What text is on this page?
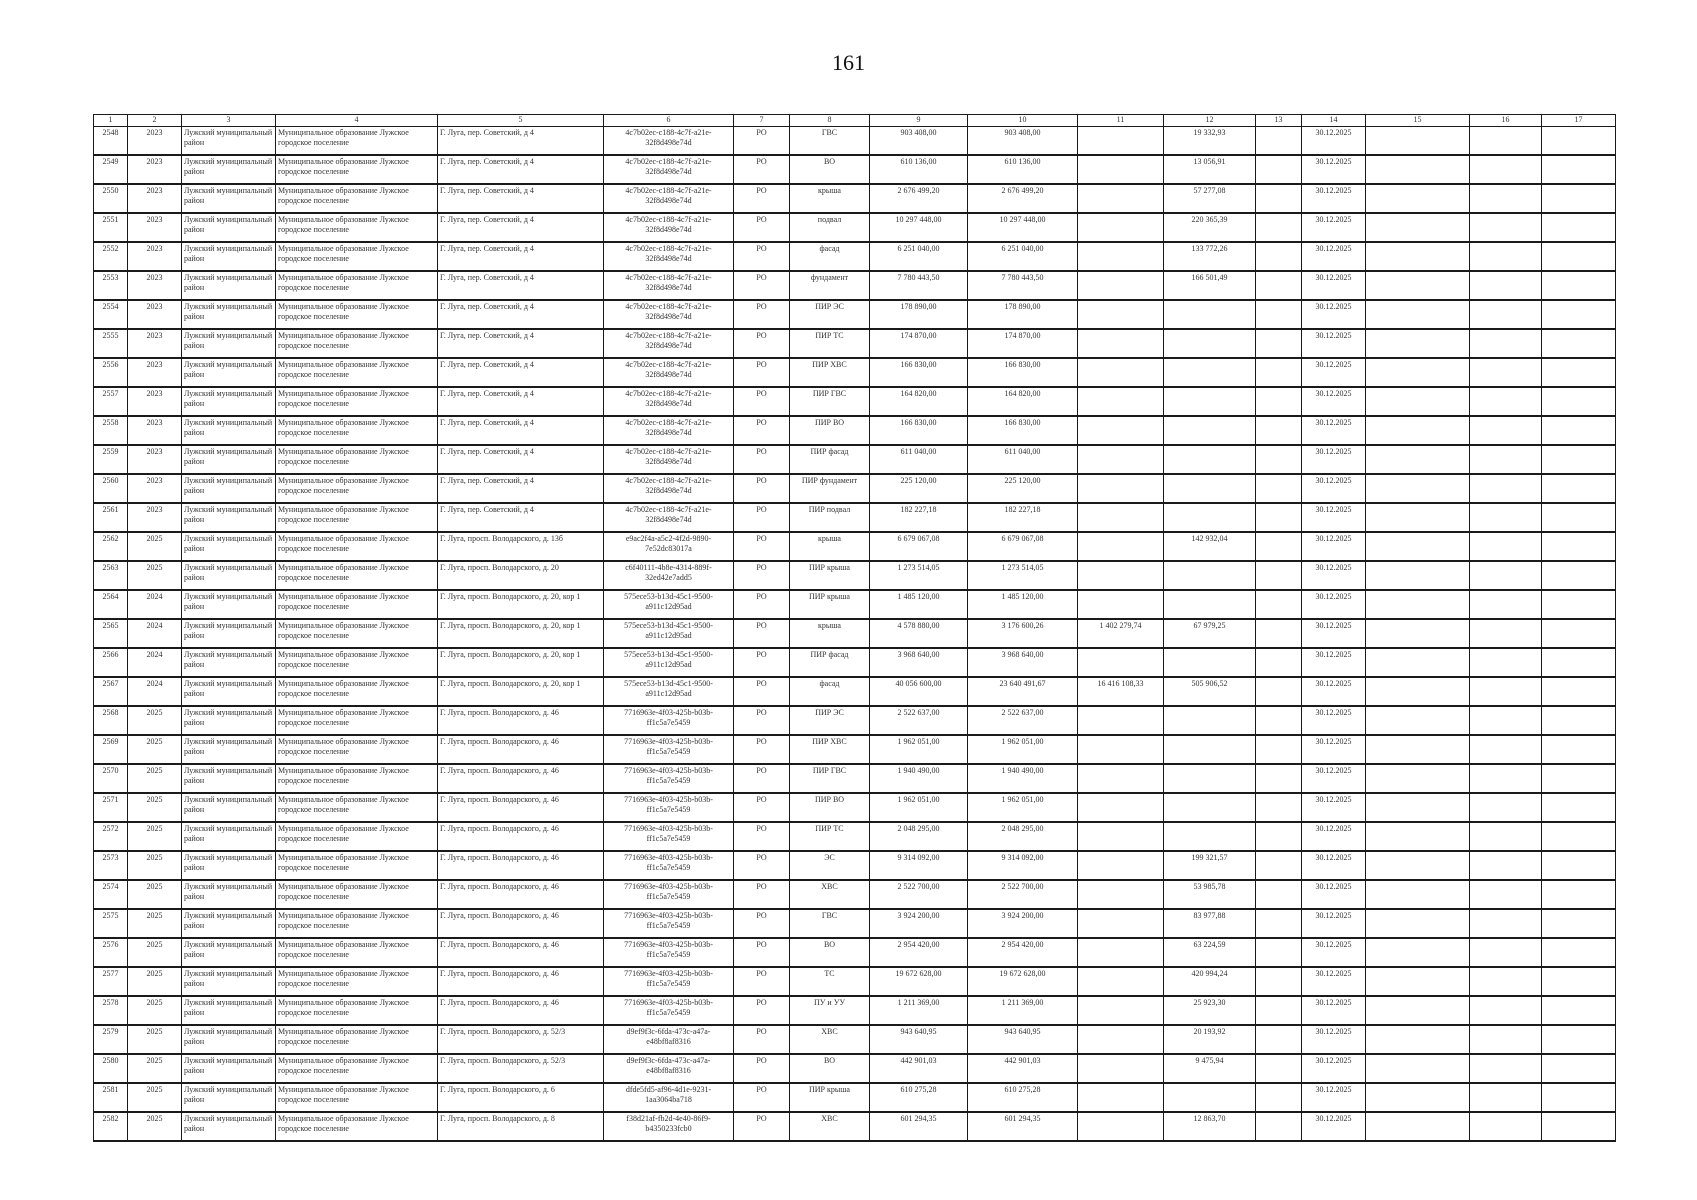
161
1	2	3	4	5	6	7	8	9	10	11	12	13	14	15	16	17
2548	2023	Лужский муниципальный район	Муниципальное образование Лужское городское поселение	Г. Луга, пер. Советский, д 4	4c7b02ec-c188-4c7f-a21e-32f8d498e74d	РО	ГВС	903 408,00	903 408,00		19 332,93		30.12.2025			
2549	2023	Лужский муниципальный район	Муниципальное образование Лужское городское поселение	Г. Луга, пер. Советский, д 4	4c7b02ec-c188-4c7f-a21e-32f8d498e74d	РО	ВО	610 136,00	610 136,00		13 056,91		30.12.2025			
2550	2023	Лужский муниципальный район	Муниципальное образование Лужское городское поселение	Г. Луга, пер. Советский, д 4	4c7b02ec-c188-4c7f-a21e-32f8d498e74d	РО	крыша	2 676 499,20	2 676 499,20		57 277,08		30.12.2025			
2551	2023	Лужский муниципальный район	Муниципальное образование Лужское городское поселение	Г. Луга, пер. Советский, д 4	4c7b02ec-c188-4c7f-a21e-32f8d498e74d	РО	подвал	10 297 448,00	10 297 448,00		220 365,39		30.12.2025			
2552	2023	Лужский муниципальный район	Муниципальное образование Лужское городское поселение	Г. Луга, пер. Советский, д 4	4c7b02ec-c188-4c7f-a21e-32f8d498e74d	РО	фасад	6 251 040,00	6 251 040,00		133 772,26		30.12.2025			
2553	2023	Лужский муниципальный район	Муниципальное образование Лужское городское поселение	Г. Луга, пер. Советский, д 4	4c7b02ec-c188-4c7f-a21e-32f8d498e74d	РО	фундамент	7 780 443,50	7 780 443,50		166 501,49		30.12.2025			
2554	2023	Лужский муниципальный район	Муниципальное образование Лужское городское поселение	Г. Луга, пер. Советский, д 4	4c7b02ec-c188-4c7f-a21e-32f8d498e74d	РО	ПИР ЭС	178 890,00	178 890,00				30.12.2025			
2555	2023	Лужский муниципальный район	Муниципальное образование Лужское городское поселение	Г. Луга, пер. Советский, д 4	4c7b02ec-c188-4c7f-a21e-32f8d498e74d	РО	ПИР ТС	174 870,00	174 870,00				30.12.2025			
2556	2023	Лужский муниципальный район	Муниципальное образование Лужское городское поселение	Г. Луга, пер. Советский, д 4	4c7b02ec-c188-4c7f-a21e-32f8d498e74d	РО	ПИР ХВС	166 830,00	166 830,00				30.12.2025			
2557	2023	Лужский муниципальный район	Муниципальное образование Лужское городское поселение	Г. Луга, пер. Советский, д 4	4c7b02ec-c188-4c7f-a21e-32f8d498e74d	РО	ПИР ГВС	164 820,00	164 820,00				30.12.2025			
2558	2023	Лужский муниципальный район	Муниципальное образование Лужское городское поселение	Г. Луга, пер. Советский, д 4	4c7b02ec-c188-4c7f-a21e-32f8d498e74d	РО	ПИР ВО	166 830,00	166 830,00				30.12.2025			
2559	2023	Лужский муниципальный район	Муниципальное образование Лужское городское поселение	Г. Луга, пер. Советский, д 4	4c7b02ec-c188-4c7f-a21e-32f8d498e74d	РО	ПИР фасад	611 040,00	611 040,00				30.12.2025			
2560	2023	Лужский муниципальный район	Муниципальное образование Лужское городское поселение	Г. Луга, пер. Советский, д 4	4c7b02ec-c188-4c7f-a21e-32f8d498e74d	РО	ПИР фундамент	225 120,00	225 120,00				30.12.2025			
2561	2023	Лужский муниципальный район	Муниципальное образование Лужское городское поселение	Г. Луга, пер. Советский, д 4	4c7b02ec-c188-4c7f-a21e-32f8d498e74d	РО	ПИР подвал	182 227,18	182 227,18				30.12.2025			
2562	2025	Лужский муниципальный район	Муниципальное образование Лужское городское поселение	Г. Луга, просп. Володарского, д. 13б	e9ac2f4a-a5c2-4f2d-9890-7e52dc83017a	РО	крыша	6 679 067,08	6 679 067,08		142 932,04		30.12.2025			
2563	2025	Лужский муниципальный район	Муниципальное образование Лужское городское поселение	Г. Луга, просп. Володарского, д. 20	c6f40111-4b8e-4314-889f-32ed42e7add5	РО	ПИР крыша	1 273 514,05	1 273 514,05				30.12.2025			
2564	2024	Лужский муниципальный район	Муниципальное образование Лужское городское поселение	Г. Луга, просп. Володарского, д. 20, кор 1	575ece53-b13d-45c1-9500-a911c12d95ad	РО	ПИР крыша	1 485 120,00	1 485 120,00				30.12.2025			
2565	2024	Лужский муниципальный район	Муниципальное образование Лужское городское поселение	Г. Луга, просп. Володарского, д. 20, кор 1	575ece53-b13d-45c1-9500-a911c12d95ad	РО	крыша	4 578 880,00	3 176 600,26	1 402 279,74	67 979,25		30.12.2025			
2566	2024	Лужский муниципальный район	Муниципальное образование Лужское городское поселение	Г. Луга, просп. Володарского, д. 20, кор 1	575ece53-b13d-45c1-9500-a911c12d95ad	РО	ПИР фасад	3 968 640,00	3 968 640,00				30.12.2025			
2567	2024	Лужский муниципальный район	Муниципальное образование Лужское городское поселение	Г. Луга, просп. Володарского, д. 20, кор 1	575ece53-b13d-45c1-9500-a911c12d95ad	РО	фасад	40 056 600,00	23 640 491,67	16 416 108,33	505 906,52		30.12.2025			
2568	2025	Лужский муниципальный район	Муниципальное образование Лужское городское поселение	Г. Луга, просп. Володарского, д. 46	7716963e-4f03-425b-b03b-ff1c5a7e5459	РО	ПИР ЭС	2 522 637,00	2 522 637,00				30.12.2025			
2569	2025	Лужский муниципальный район	Муниципальное образование Лужское городское поселение	Г. Луга, просп. Володарского, д. 46	7716963e-4f03-425b-b03b-ff1c5a7e5459	РО	ПИР ХВС	1 962 051,00	1 962 051,00				30.12.2025			
2570	2025	Лужский муниципальный район	Муниципальное образование Лужское городское поселение	Г. Луга, просп. Володарского, д. 46	7716963e-4f03-425b-b03b-ff1c5a7e5459	РО	ПИР ГВС	1 940 490,00	1 940 490,00				30.12.2025			
2571	2025	Лужский муниципальный район	Муниципальное образование Лужское городское поселение	Г. Луга, просп. Володарского, д. 46	7716963e-4f03-425b-b03b-ff1c5a7e5459	РО	ПИР ВО	1 962 051,00	1 962 051,00				30.12.2025			
2572	2025	Лужский муниципальный район	Муниципальное образование Лужское городское поселение	Г. Луга, просп. Володарского, д. 46	7716963e-4f03-425b-b03b-ff1c5a7e5459	РО	ПИР ТС	2 048 295,00	2 048 295,00				30.12.2025			
2573	2025	Лужский муниципальный район	Муниципальное образование Лужское городское поселение	Г. Луга, просп. Володарского, д. 46	7716963e-4f03-425b-b03b-ff1c5a7e5459	РО	ЭС	9 314 092,00	9 314 092,00		199 321,57		30.12.2025			
2574	2025	Лужский муниципальный район	Муниципальное образование Лужское городское поселение	Г. Луга, просп. Володарского, д. 46	7716963e-4f03-425b-b03b-ff1c5a7e5459	РО	ХВС	2 522 700,00	2 522 700,00		53 985,78		30.12.2025			
2575	2025	Лужский муниципальный район	Муниципальное образование Лужское городское поселение	Г. Луга, просп. Володарского, д. 46	7716963e-4f03-425b-b03b-ff1c5a7e5459	РО	ГВС	3 924 200,00	3 924 200,00		83 977,88		30.12.2025			
2576	2025	Лужский муниципальный район	Муниципальное образование Лужское городское поселение	Г. Луга, просп. Володарского, д. 46	7716963e-4f03-425b-b03b-ff1c5a7e5459	РО	ВО	2 954 420,00	2 954 420,00		63 224,59		30.12.2025			
2577	2025	Лужский муниципальный район	Муниципальное образование Лужское городское поселение	Г. Луга, просп. Володарского, д. 46	7716963e-4f03-425b-b03b-ff1c5a7e5459	РО	ТС	19 672 628,00	19 672 628,00		420 994,24		30.12.2025			
2578	2025	Лужский муниципальный район	Муниципальное образование Лужское городское поселение	Г. Луга, просп. Володарского, д. 46	7716963e-4f03-425b-b03b-ff1c5a7e5459	РО	ПУ и УУ	1 211 369,00	1 211 369,00		25 923,30		30.12.2025			
2579	2025	Лужский муниципальный район	Муниципальное образование Лужское городское поселение	Г. Луга, просп. Володарского, д. 52/3	d9ef9f3c-6fda-473c-a47a-e48bf8af8316	РО	ХВС	943 640,95	943 640,95		20 193,92		30.12.2025			
2580	2025	Лужский муниципальный район	Муниципальное образование Лужское городское поселение	Г. Луга, просп. Володарского, д. 52/3	d9ef9f3c-6fda-473c-a47a-e48bf8af8316	РО	ВО	442 901,03	442 901,03		9 475,94		30.12.2025			
2581	2025	Лужский муниципальный район	Муниципальное образование Лужское городское поселение	Г. Луга, просп. Володарского, д. 6	dfde5fd5-af96-4d1e-9231-1aa3064ba718	РО	ПИР крыша	610 275,28	610 275,28				30.12.2025			
2582	2025	Лужский муниципальный район	Муниципальное образование Лужское городское поселение	Г. Луга, просп. Володарского, д. 8	f38d21af-fb2d-4e40-86f9-b4350233fcb0	РО	ХВС	601 294,35	601 294,35		12 863,70		30.12.2025			
